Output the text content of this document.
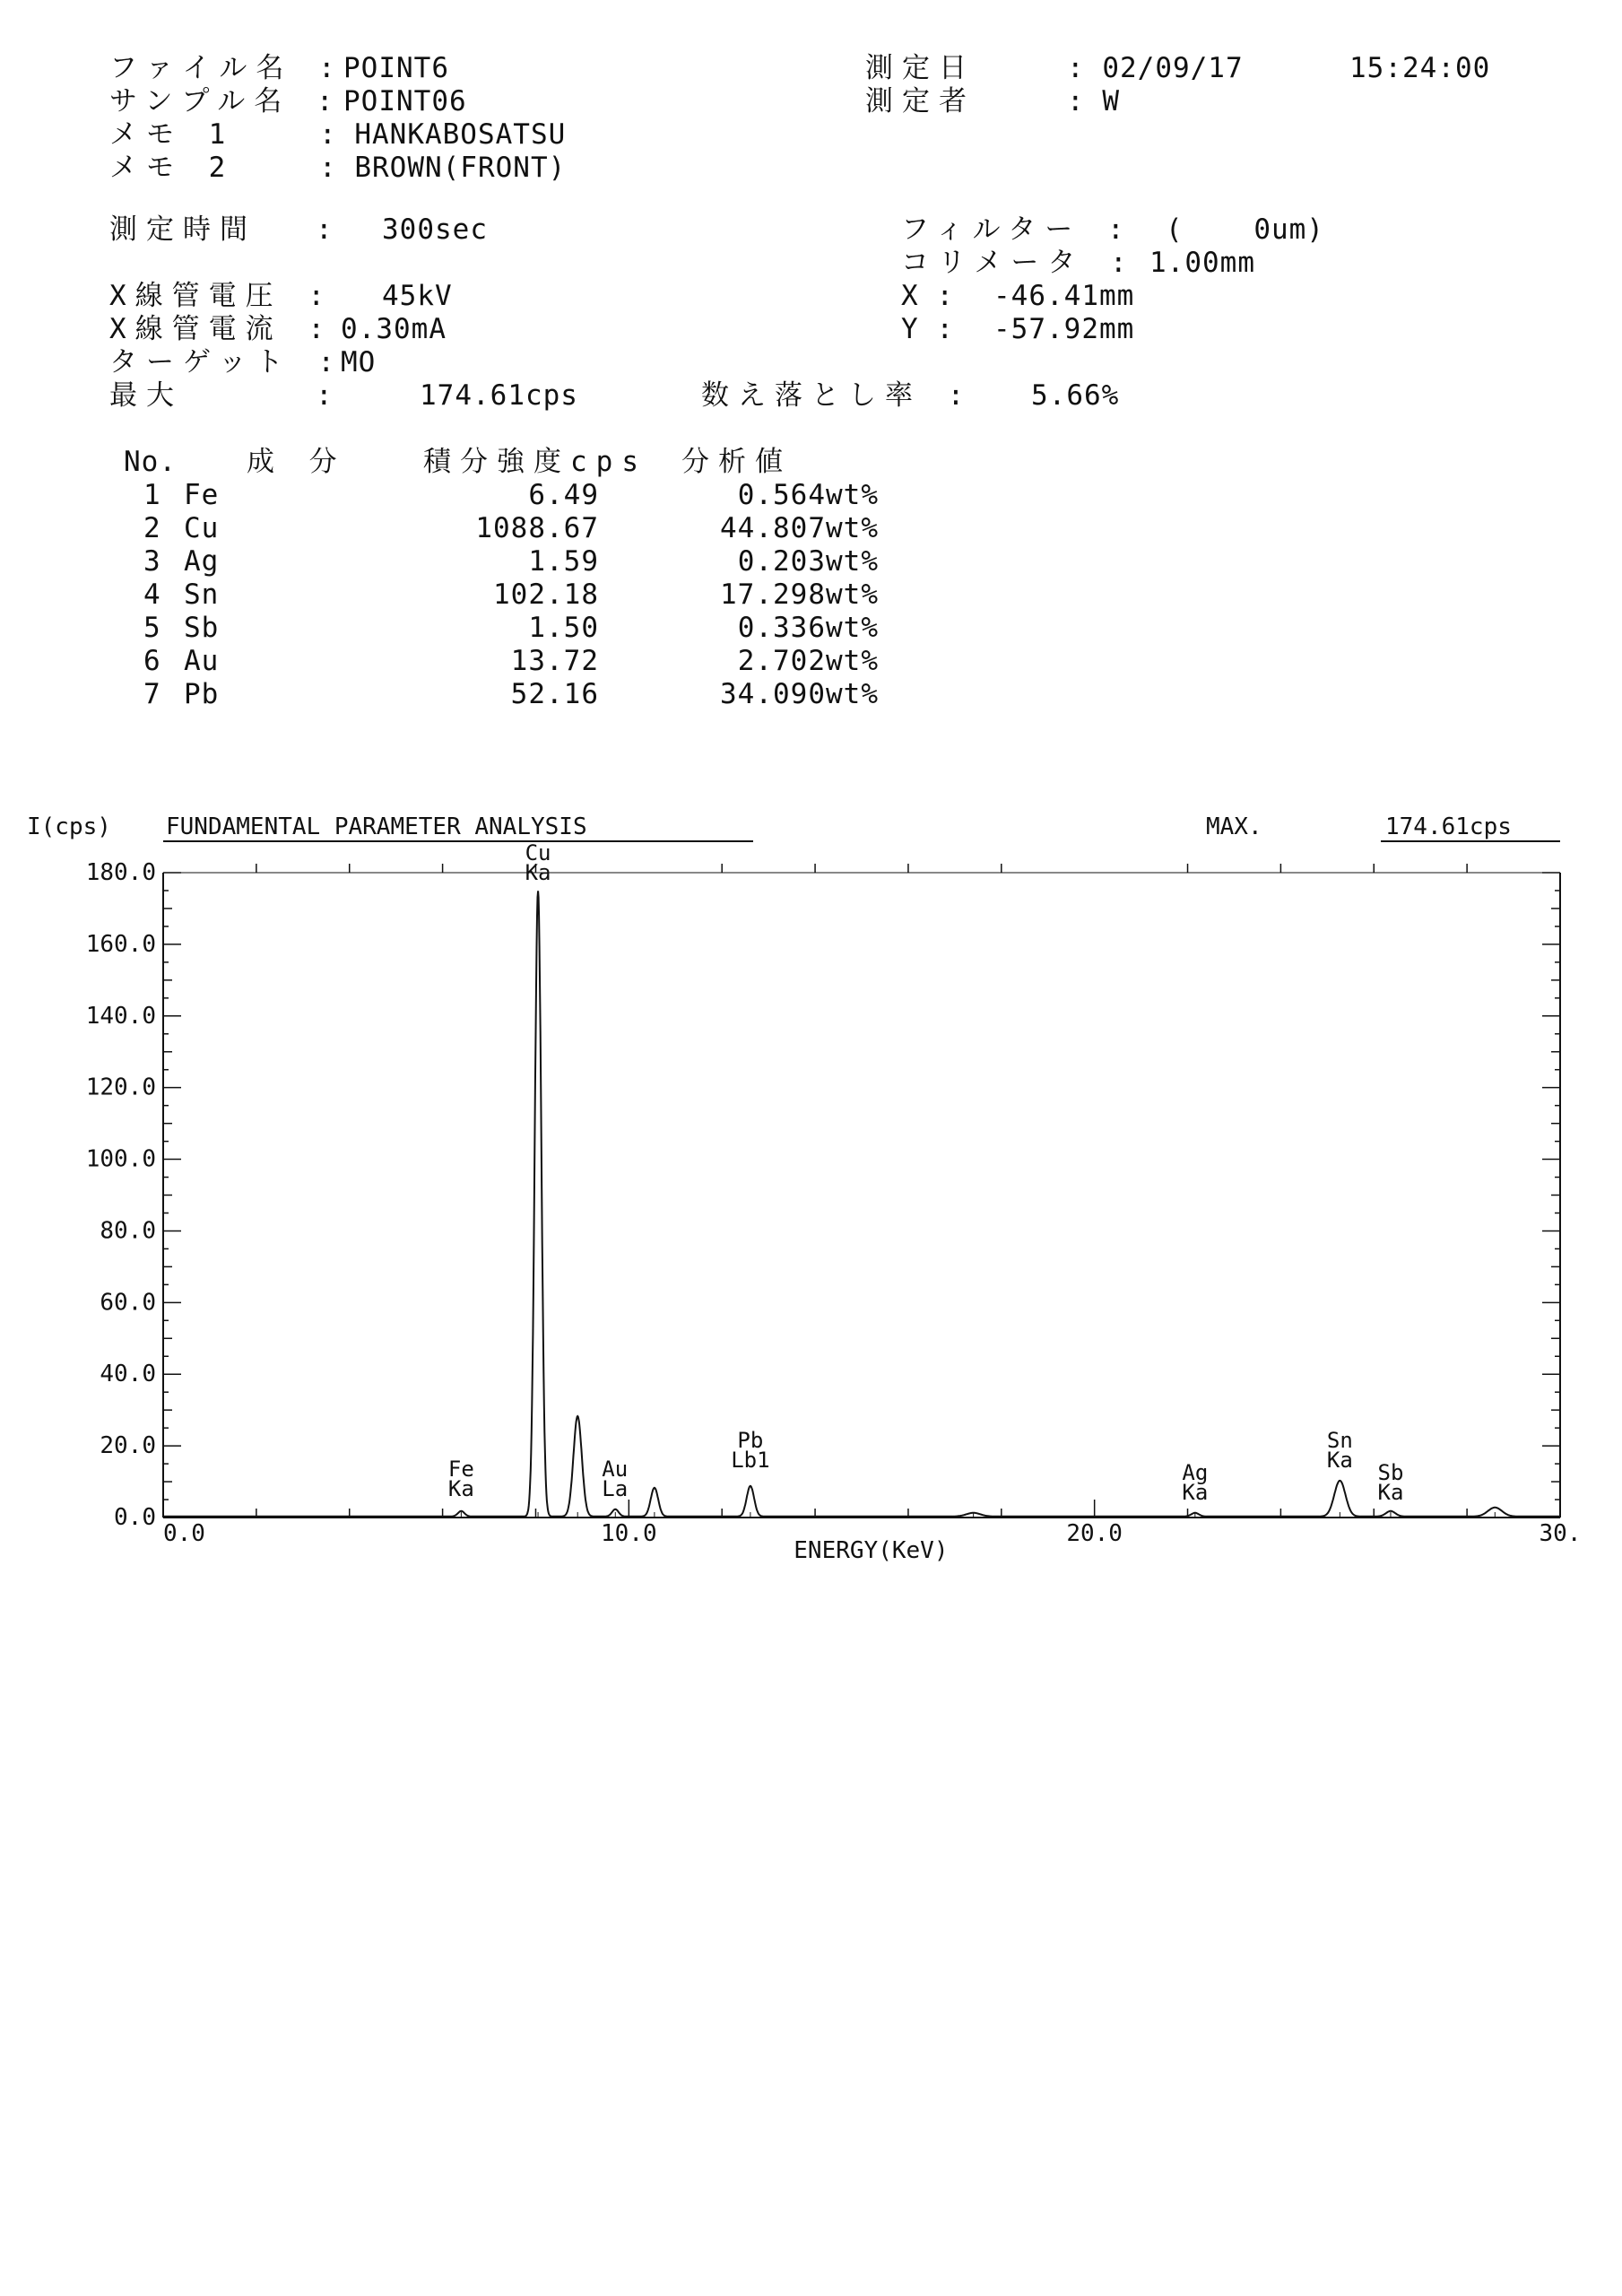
ファイル名 : POINT6
サンプル名 : POINT06
メモ 1	: HANKABOSATSU
メモ 2	: BROWN(FRONT)
測定日	: 02/09/17	15:24:00
測定者	: W
測定時間 : 300sec
X線管電圧 : 45kV
X線管電流 : 0.30mA
ターゲット :
MO
最大	:	174.61cps	数え落とし率 : 5.66%
フィルター : (    0um)
コリメータ : 1.00mm
X : -46.41mm
Y : -57.92mm
No.	成 分	積分強度cps 分析値
1 Fe	6.49	0.564wt%
2 Cu	1088.67	44.807wt%
3 Ag	1.59	0.203wt%
4 Sn	102.18	17.298wt%
5 Sb	1.50	0.336wt%
6 Au	13.72	2.702wt%
7 Pb	52.16	34.090wt%
I(cps) FUNDAMENTAL PARAMETER ANALYSIS	MAX.	174.61cps
0.0
20.0
40.0
60.0
80.0
100.0
120.0
140.0
160.0
180.0
0.0	10.0	20.0	30.
ENERGY(KeV)
Fe
Ka
Cu
Ka
Au
La
Pb
Lb1	Ag
Ka
Sn
Ka Sb
Ka
